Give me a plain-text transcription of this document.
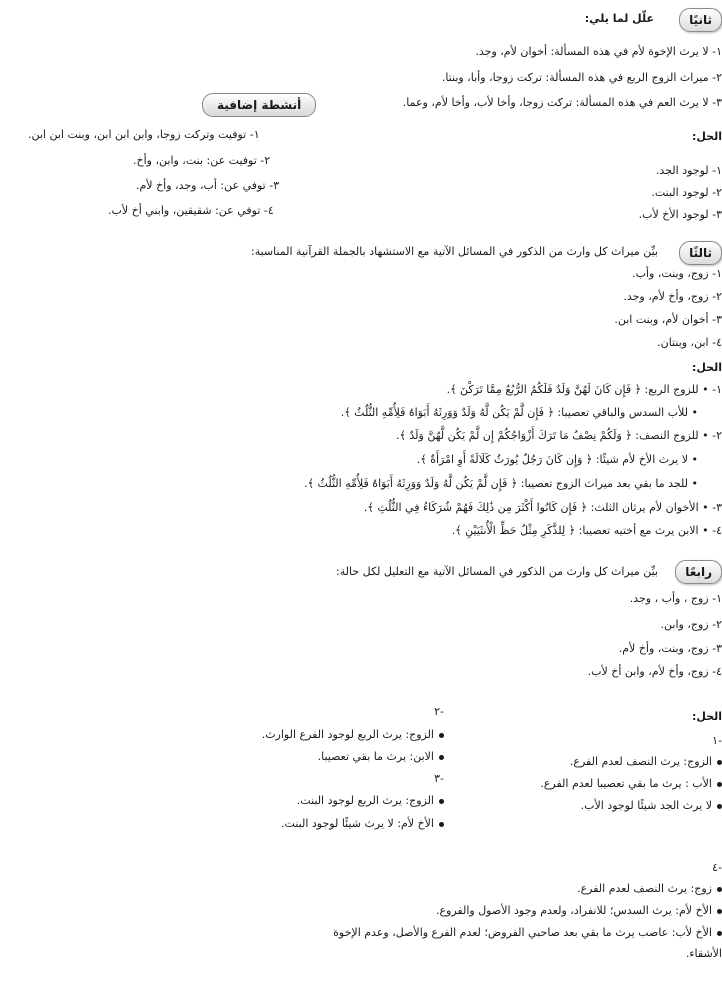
ثانيًا
علّل لما يلي:
١- لا يرث الإخوة لأم في هذه المسألة: أخوان لأم، وجد.
٢- ميراث الزوج الربع في هذه المسألة: تركت زوجا، وأبا، وبنتا.
٣- لا يرث العم في هذه المسألة: تركت زوجا، وأخا لأب، وأخا لأم، وعما.
الحل:
١- لوجود الجد.
٢- لوجود البنت.
٣- لوجود الأخ لأب.
أنشطة إضافية
١- توفيت وتركت زوجا، وابن ابن ابن، وبنت ابن ابن.
٢- توفيت عن: بنت، وابن، وأخ.
٣- توفي عن: أب، وجد، وأخ لأم.
٤- توفي عن: شقيقين، وابني أخ لأب.
ثالثًا
بيِّن ميراث كل وارث من الذكور في المسائل الآتية مع الاستشهاد بالجملة القرآنية المناسبة:
١- زوج، وبنت، وأب.
٢- زوج، وأخ لأم، وجد.
٣- أخوان لأم، وبنت ابن.
٤- ابن، وبنتان.
الحل:
١- • للزوج الربع: ﴿ فَإِن كَانَ لَهُنَّ وَلَدٌ فَلَكُمُ الرُّبُعُ مِمَّا تَرَكْنَ ﴾.
• للأب السدس والباقي تعصيبا: ﴿ فَإِن لَّمْ يَكُن لَّهُ وَلَدٌ وَوَرِثَهُ أَبَوَاهُ فَلِأُمِّهِ الثُّلُثُ ﴾.
٢- • للزوج النصف: ﴿ وَلَكُمْ نِصْفُ مَا تَرَكَ أَزْوَاجُكُمْ إِن لَّمْ يَكُن لَّهُنَّ وَلَدٌ ﴾.
• لا يرث الأخ لأم شيئًا: ﴿ وَإِن كَانَ رَجُلٌ يُورَثُ كَلَالَةً أَوِ امْرَأَةٌ ﴾.
• للجد ما بقي بعد ميراث الزوج تعصيبا: ﴿ فَإِن لَّمْ يَكُن لَّهُ وَلَدٌ وَوَرِثَهُ أَبَوَاهُ فَلِأُمِّهِ الثُّلُثُ ﴾.
٣- • الأخوان لأم يرثان الثلث: ﴿ فَإِن كَانُوا أَكْثَرَ مِن ذَٰلِكَ فَهُمْ شُرَكَاءُ فِي الثُّلُثِ ﴾.
٤- • الابن يرث مع أختيه تعصيبا: ﴿ لِلذَّكَرِ مِثْلُ حَظِّ الْأُنثَيَيْنِ ﴾.
رابعًا
بيِّن ميراث كل وارث من الذكور في المسائل الآتية مع التعليل لكل حالة:
١- زوج ، وأب ، وجد.
٢- زوج، وابن.
٣- زوج، وبنت، وأخ لأم.
٤- زوج، وأخ لأم، وابن أخ لأب.
الحل:
-١
الزوج: يرث النصف لعدم الفرع.
الأب : يرث ما بقي تعصيبا لعدم الفرع.
لا يرث الجد شيئًا لوجود الأب.
-٢
الزوج: يرث الربع لوجود الفرع الوارث.
الابن: يرث ما بقي تعصيبا.
-٣
الزوج: يرث الربع لوجود البنت.
الأخ لأم: لا يرث شيئًا لوجود البنت.
-٤
زوج: يرث النصف لعدم الفرع.
الأخ لأم: يرث السدس؛ للانفراد، ولعدم وجود الأصول والفروع.
الأخ لأب: عاصب يرث ما بقي بعد صاحبي الفروض؛ لعدم الفرع والأصل، وعدم الإخوة
الأشقاء.
